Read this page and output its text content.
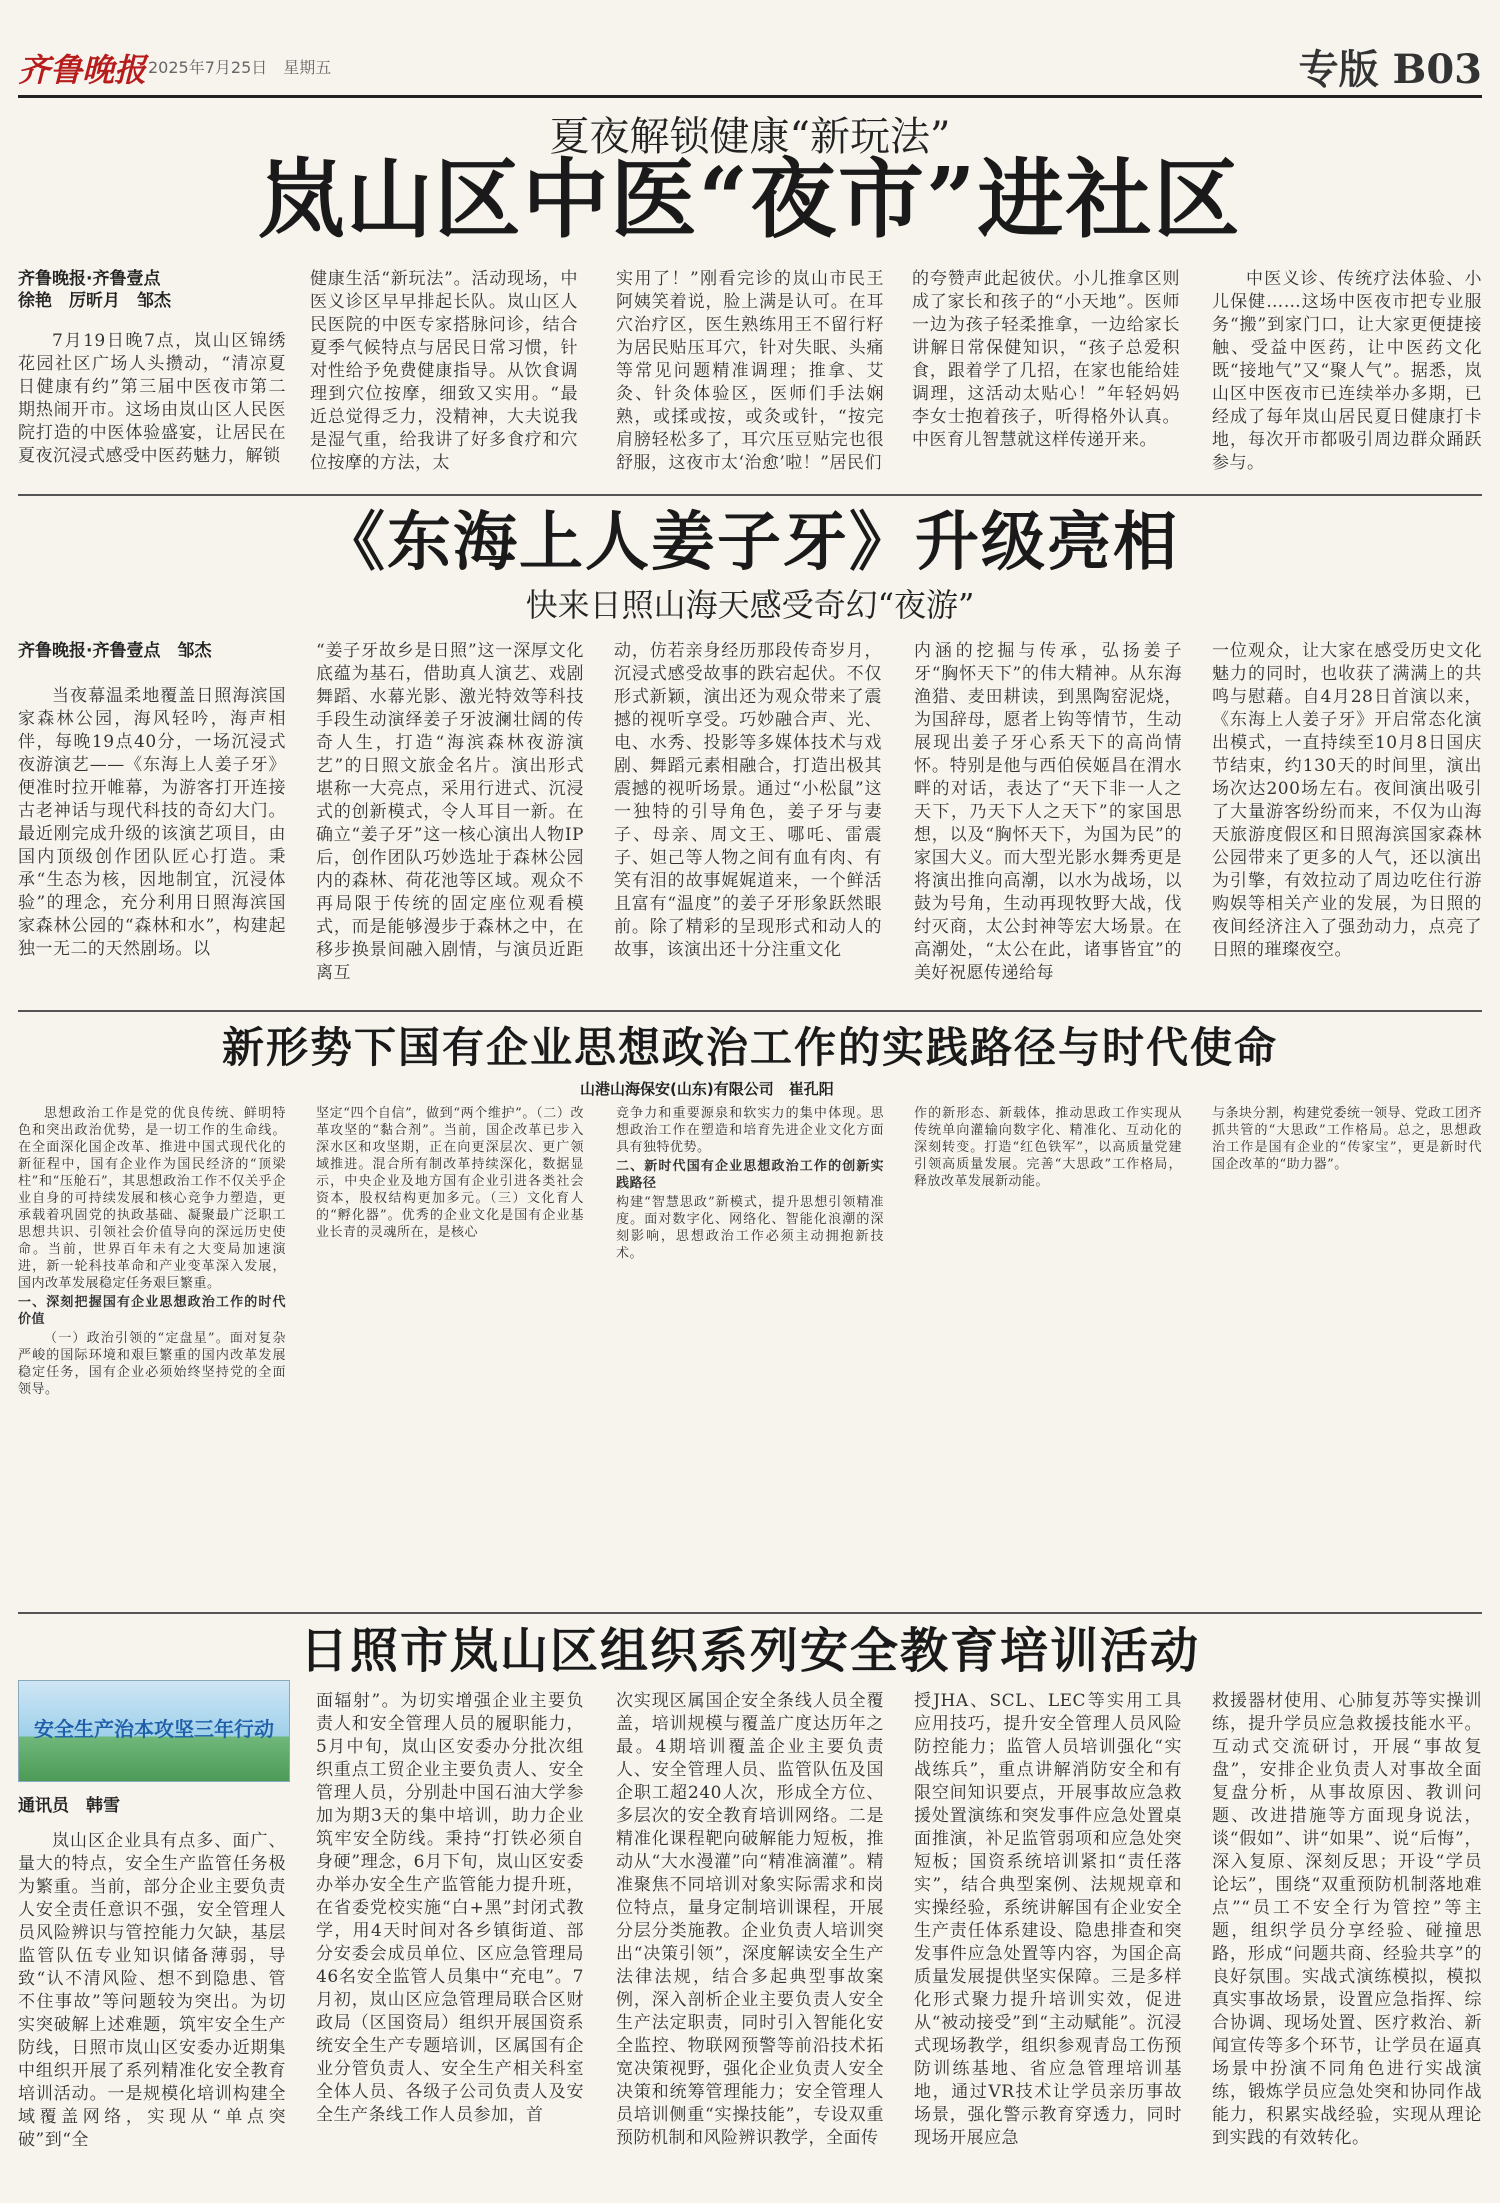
齐鲁晚报 2025年7月25日　星期五	专版 B03
夏夜解锁健康“新玩法”
岚山区中医“夜市”进社区
齐鲁晚报·齐鲁壹点
徐艳　厉昕月　邹杰
7月19日晚7点，岚山区锦绣花园社区广场人头攒动，“清凉夏日健康有约”第三届中医夜市第二期热闹开市。这场由岚山区人民医院打造的中医体验盛宴，让居民在夏夜沉浸式感受中医药魅力，解锁
健康生活“新玩法”。活动现场，中医义诊区早早排起长队。岚山区人民医院的中医专家搭脉问诊，结合夏季气候特点与居民日常习惯，针对性给予免费健康指导。从饮食调理到穴位按摩，细致又实用。“最近总觉得乏力，没精神，大夫说我是湿气重，给我讲了好多食疗和穴位按摩的方法，太
实用了！”刚看完诊的岚山市民王阿姨笑着说，脸上满是认可。在耳穴治疗区，医生熟练用王不留行籽为居民贴压耳穴，针对失眠、头痛等常见问题精准调理；推拿、艾灸、针灸体验区，医师们手法娴熟，或揉或按，或灸或针，“按完肩膀轻松多了，耳穴压豆贴完也很舒服，这夜市太‘治愈’啦！”居民们
的夸赞声此起彼伏。小儿推拿区则成了家长和孩子的“小天地”。医师一边为孩子轻柔推拿，一边给家长讲解日常保健知识，“孩子总爱积食，跟着学了几招，在家也能给娃调理，这活动太贴心！”年轻妈妈李女士抱着孩子，听得格外认真。中医育儿智慧就这样传递开来。
中医义诊、传统疗法体验、小儿保健……这场中医夜市把专业服务“搬”到家门口，让大家更便捷接触、受益中医药，让中医药文化既“接地气”又“聚人气”。据悉，岚山区中医夜市已连续举办多期，已经成了每年岚山居民夏日健康打卡地，每次开市都吸引周边群众踊跃参与。
《东海上人姜子牙》升级亮相
快来日照山海天感受奇幻“夜游”
齐鲁晚报·齐鲁壹点　邹杰
当夜幕温柔地覆盖日照海滨国家森林公园，海风轻吟，海声相伴，每晚19点40分，一场沉浸式夜游演艺——《东海上人姜子牙》便准时拉开帷幕，为游客打开连接古老神话与现代科技的奇幻大门。最近刚完成升级的该演艺项目，由国内顶级创作团队匠心打造。秉承“生态为核，因地制宜，沉浸体验”的理念，充分利用日照海滨国家森林公园的“森林和水”，构建起独一无二的天然剧场。以
“姜子牙故乡是日照”这一深厚文化底蕴为基石，借助真人演艺、戏剧舞蹈、水幕光影、激光特效等科技手段生动演绎姜子牙波澜壮阔的传奇人生，打造“海滨森林夜游演艺”的日照文旅金名片。演出形式堪称一大亮点，采用行进式、沉浸式的创新模式，令人耳目一新。在确立“姜子牙”这一核心演出人物IP后，创作团队巧妙选址于森林公园内的森林、荷花池等区域。观众不再局限于传统的固定座位观看模式，而是能够漫步于森林之中，在移步换景间融入剧情，与演员近距离互
动，仿若亲身经历那段传奇岁月，沉浸式感受故事的跌宕起伏。不仅形式新颖，演出还为观众带来了震撼的视听享受。巧妙融合声、光、电、水秀、投影等多媒体技术与戏剧、舞蹈元素相融合，打造出极其震撼的视听场景。通过“小松鼠”这一独特的引导角色，姜子牙与妻子、母亲、周文王、哪吒、雷震子、妲己等人物之间有血有肉、有笑有泪的故事娓娓道来，一个鲜活且富有“温度”的姜子牙形象跃然眼前。除了精彩的呈现形式和动人的故事，该演出还十分注重文化
内涵的挖掘与传承，弘扬姜子牙“胸怀天下”的伟大精神。从东海渔猎、麦田耕读，到黑陶窑泥烧，为国辞母，愿者上钩等情节，生动展现出姜子牙心系天下的高尚情怀。特别是他与西伯侯姬昌在渭水畔的对话，表达了“天下非一人之天下，乃天下人之天下”的家国思想，以及“胸怀天下，为国为民”的家国大义。而大型光影水舞秀更是将演出推向高潮，以水为战场，以鼓为号角，生动再现牧野大战，伐纣灭商，太公封神等宏大场景。在高潮处，“太公在此，诸事皆宜”的美好祝愿传递给每
一位观众，让大家在感受历史文化魅力的同时，也收获了满满上的共鸣与慰藉。自4月28日首演以来，《东海上人姜子牙》开启常态化演出模式，一直持续至10月8日国庆节结束，约130天的时间里，演出场次达200场左右。夜间演出吸引了大量游客纷纷而来，不仅为山海天旅游度假区和日照海滨国家森林公园带来了更多的人气，还以演出为引擎，有效拉动了周边吃住行游购娱等相关产业的发展，为日照的夜间经济注入了强劲动力，点亮了日照的璀璨夜空。
新形势下国有企业思想政治工作的实践路径与时代使命
山港山海保安(山东)有限公司　崔孔阳

思想政治工作是党的优良传统、鲜明特色和突出政治优势，是一切工作的生命线。在全面深化国企改革、推进中国式现代化的新征程中，国有企业作为国民经济的“顶梁柱”和“压舱石”，其思想政治工作不仅关乎企业自身的可持续发展和核心竞争力塑造，更承载着巩固党的执政基础、凝聚最广泛职工思想共识、引领社会价值导向的深远历史使命。当前，世界百年未有之大变局加速演进，新一轮科技革命和产业变革深入发展，国内改革发展稳定任务艰巨繁重。

一、深刻把握国有企业思想政治工作的时代价值

（一）政治引领的“定盘星”。面对复杂严峻的国际环境和艰巨繁重的国内改革发展稳定任务，国有企业必须始终坚持党的全面领导。

坚定“四个自信”，做到“两个维护”。（二）改革攻坚的“黏合剂”。当前，国企改革已步入深水区和攻坚期，正在向更深层次、更广领域推进。混合所有制改革持续深化，数据显示，中央企业及地方国有企业引进各类社会资本，股权结构更加多元。（三）文化育人的“孵化器”。优秀的企业文化是国有企业基业长青的灵魂所在，是核心

竞争力和重要源泉和软实力的集中体现。思想政治工作在塑造和培育先进企业文化方面具有独特优势。

二、新时代国有企业思想政治工作的创新实践路径

构建“智慧思政”新模式，提升思想引领精准度。面对数字化、网络化、智能化浪潮的深刻影响，思想政治工作必须主动拥抱新技术。

作的新形态、新载体，推动思政工作实现从传统单向灌输向数字化、精准化、互动化的深刻转变。打造“红色铁军”，以高质量党建引领高质量发展。完善“大思政”工作格局，释放改革发展新动能。
与条块分割，构建党委统一领导、党政工团齐抓共管的“大思政”工作格局。总之，思想政治工作是国有企业的“传家宝”，更是新时代国企改革的“助力器”。
日照市岚山区组织系列安全教育培训活动
安全生产治本攻坚三年行动
通讯员　韩雪
岚山区企业具有点多、面广、量大的特点，安全生产监管任务极为繁重。当前，部分企业主要负责人安全责任意识不强，安全管理人员风险辨识与管控能力欠缺，基层监管队伍专业知识储备薄弱，导致“认不清风险、想不到隐患、管不住事故”等问题较为突出。为切实突破解上述难题，筑牢安全生产防线，日照市岚山区安委办近期集中组织开展了系列精准化安全教育培训活动。一是规模化培训构建全域覆盖网络，实现从“单点突破”到“全
面辐射”。为切实增强企业主要负责人和安全管理人员的履职能力，5月中旬，岚山区安委办分批次组织重点工贸企业主要负责人、安全管理人员，分别赴中国石油大学参加为期3天的集中培训，助力企业筑牢安全防线。秉持“打铁必须自身硬”理念，6月下旬，岚山区安委办举办安全生产监管能力提升班，在省委党校实施“白+黑”封闭式教学，用4天时间对各乡镇街道、部分安委会成员单位、区应急管理局46名安全监管人员集中“充电”。7月初，岚山区应急管理局联合区财政局（区国资局）组织开展国资系统安全生产专题培训，区属国有企业分管负责人、安全生产相关科室全体人员、各级子公司负责人及安全生产条线工作人员参加，首
次实现区属国企安全条线人员全覆盖，培训规模与覆盖广度达历年之最。4期培训覆盖企业主要负责人、安全管理人员、监管队伍及国企职工超240人次，形成全方位、多层次的安全教育培训网络。二是精准化课程靶向破解能力短板，推动从“大水漫灌”向“精准滴灌”。精准聚焦不同培训对象实际需求和岗位特点，量身定制培训课程，开展分层分类施教。企业负责人培训突出“决策引领”，深度解读安全生产法律法规，结合多起典型事故案例，深入剖析企业主要负责人安全生产法定职责，同时引入智能化安全监控、物联网预警等前沿技术拓宽决策视野，强化企业负责人安全决策和统筹管理能力；安全管理人员培训侧重“实操技能”，专设双重预防机制和风险辨识教学，全面传
授JHA、SCL、LEC等实用工具应用技巧，提升安全管理人员风险防控能力；监管人员培训强化“实战练兵”，重点讲解消防安全和有限空间知识要点，开展事故应急救援处置演练和突发事件应急处置桌面推演，补足监管弱项和应急处突短板；国资系统培训紧扣“责任落实”，结合典型案例、法规规章和实操经验，系统讲解国有企业安全生产责任体系建设、隐患排查和突发事件应急处置等内容，为国企高质量发展提供坚实保障。三是多样化形式聚力提升培训实效，促进从“被动接受”到“主动赋能”。沉浸式现场教学，组织参观青岛工伤预防训练基地、省应急管理培训基地，通过VR技术让学员亲历事故场景，强化警示教育穿透力，同时现场开展应急
救援器材使用、心肺复苏等实操训练，提升学员应急救援技能水平。互动式交流研讨，开展“事故复盘”，安排企业负责人对事故全面复盘分析，从事故原因、教训问题、改进措施等方面现身说法，谈“假如”、讲“如果”、说“后悔”，深入复原、深刻反思；开设“学员论坛”，围绕“双重预防机制落地难点”“员工不安全行为管控”等主题，组织学员分享经验、碰撞思路，形成“问题共商、经验共享”的良好氛围。实战式演练模拟，模拟真实事故场景，设置应急指挥、综合协调、现场处置、医疗救治、新闻宣传等多个环节，让学员在逼真场景中扮演不同角色进行实战演练，锻炼学员应急处突和协同作战能力，积累实战经验，实现从理论到实践的有效转化。
